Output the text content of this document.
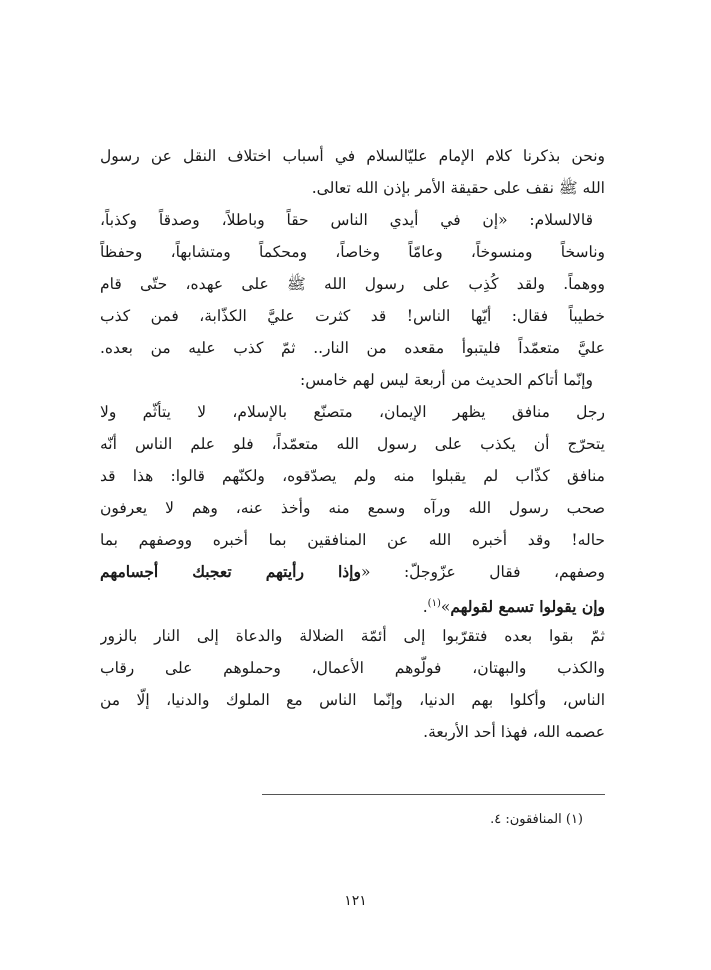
ونحن بذكرنا كلام الإمام عليّالسلام في أسباب اختلاف النقل عن رسول
الله ﷺ نقف على حقيقة الأمر بإذن الله تعالى.
قالالسلام: «إن في أيدي الناس حقاً وباطلاً، وصدقاً وكذباً،
وناسخاً ومنسوخاً، وعامّاً وخاصاً، ومحكماً ومتشابهاً، وحفظاً
ووهماً. ولقد كُذِب على رسول الله ﷺ على عهده، حتّى قام
خطيباً فقال: أيّها الناس! قد كثرت عليَّ الكذّابة، فمن كذب
عليَّ متعمّداً فليتبوأ مقعده من النار.. ثمّ كذب عليه من بعده.
وإنّما أتاكم الحديث من أربعة ليس لهم خامس:
رجل منافق يظهر الإيمان، متصنّع بالإسلام، لا يتأثّم ولا
يتحرّج أن يكذب على رسول الله متعمّداً، فلو علم الناس أنّه
منافق كذّاب لم يقبلوا منه ولم يصدّقوه، ولكنّهم قالوا: هذا قد
صحب رسول الله ورآه وسمع منه وأخذ عنه، وهم لا يعرفون
حاله! وقد أخبره الله عن المنافقين بما أخبره ووصفهم بما
وصفهم، فقال عزّوجلّ: «وإذا رأيتهم تعجبك أجسامهم
وإن يقولوا تسمع لقولهم»$^{(١)}$.
ثمّ بقوا بعده فتقرّبوا إلى أئمّة الضلالة والدعاة إلى النار بالزور
والكذب والبهتان، فولّوهم الأعمال، وحملوهم على رقاب
الناس، وأكلوا بهم الدنيا، وإنّما الناس مع الملوك والدنيا، إلّا من
عصمه الله، فهذا أحد الأربعة.
(١) المنافقون: ٤.
١٢١
